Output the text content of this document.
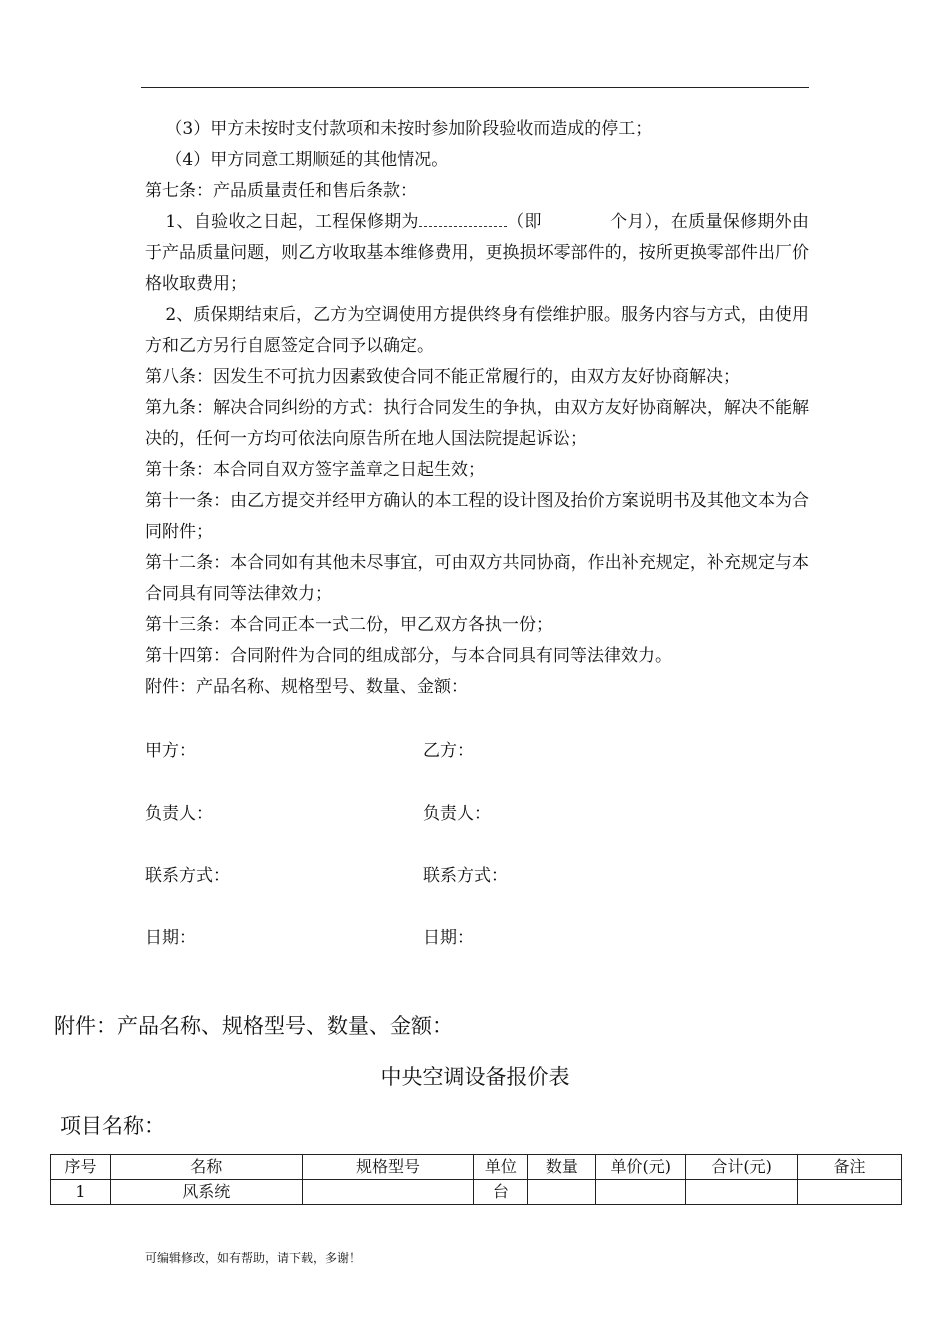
（3）甲方未按时支付款项和未按时参加阶段验收而造成的停工；

（4）甲方同意工期顺延的其他情况。

第七条：产品质量责任和售后条款：

1、自验收之日起，工程保修期为	（即	个月），在质量保修期外由于产品质量问题，则乙方收取基本维修费用，更换损坏零部件的，按所更换零部件出厂价格收取费用；

2、质保期结束后，乙方为空调使用方提供终身有偿维护服。服务内容与方式，由使用方和乙方另行自愿签定合同予以确定。

第八条：因发生不可抗力因素致使合同不能正常履行的，由双方友好协商解决；

第九条：解决合同纠纷的方式：执行合同发生的争执，由双方友好协商解决，解决不能解决的，任何一方均可依法向原告所在地人国法院提起诉讼；

第十条：本合同自双方签字盖章之日起生效；

第十一条：由乙方提交并经甲方确认的本工程的设计图及抬价方案说明书及其他文本为合同附件；

第十二条：本合同如有其他未尽事宜，可由双方共同协商，作出补充规定，补充规定与本合同具有同等法律效力；

第十三条：本合同正本一式二份，甲乙双方各执一份；

第十四第：合同附件为合同的组成部分，与本合同具有同等法律效力。

附件：产品名称、规格型号、数量、金额：

甲方：	乙方：
负责人：	负责人：
联系方式：	联系方式：
日期：	日期：
附件：产品名称、规格型号、数量、金额：
中央空调设备报价表
项目名称：
序号	名称	规格型号	单位	数量	单价(元)	合计(元)	备注
1	风系统		台				
可编辑修改，如有帮助，请下载，多谢！
